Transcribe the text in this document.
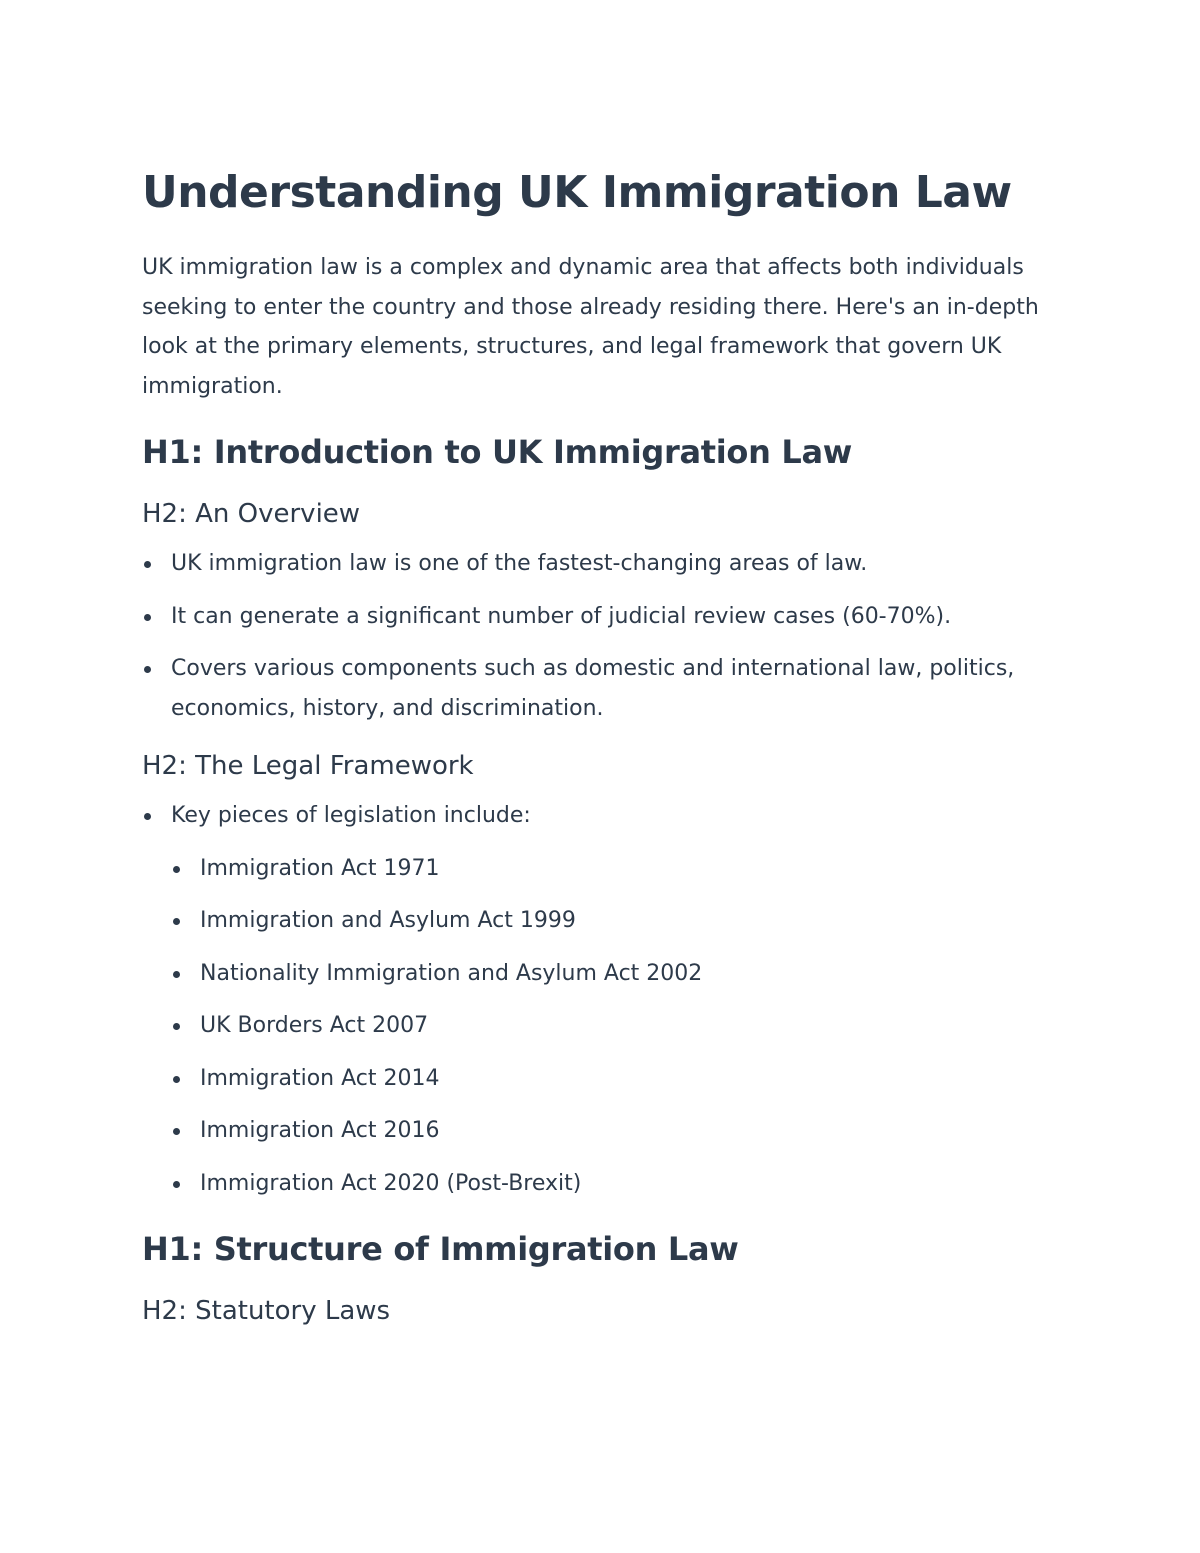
Understanding UK Immigration Law

UK immigration law is a complex and dynamic area that affects both individuals seeking to enter the country and those already residing there. Here's an in-depth look at the primary elements, structures, and legal framework that govern UK immigration.

H1: Introduction to UK Immigration Law
H2: An Overview
UK immigration law is one of the fastest-changing areas of law.
It can generate a significant number of judicial review cases (60-70%).
Covers various components such as domestic and international law, politics, economics, history, and discrimination.
H2: The Legal Framework
Key pieces of legislation include:
Immigration Act 1971
Immigration and Asylum Act 1999
Nationality Immigration and Asylum Act 2002
UK Borders Act 2007
Immigration Act 2014
Immigration Act 2016
Immigration Act 2020 (Post-Brexit)
H1: Structure of Immigration Law
H2: Statutory Laws
